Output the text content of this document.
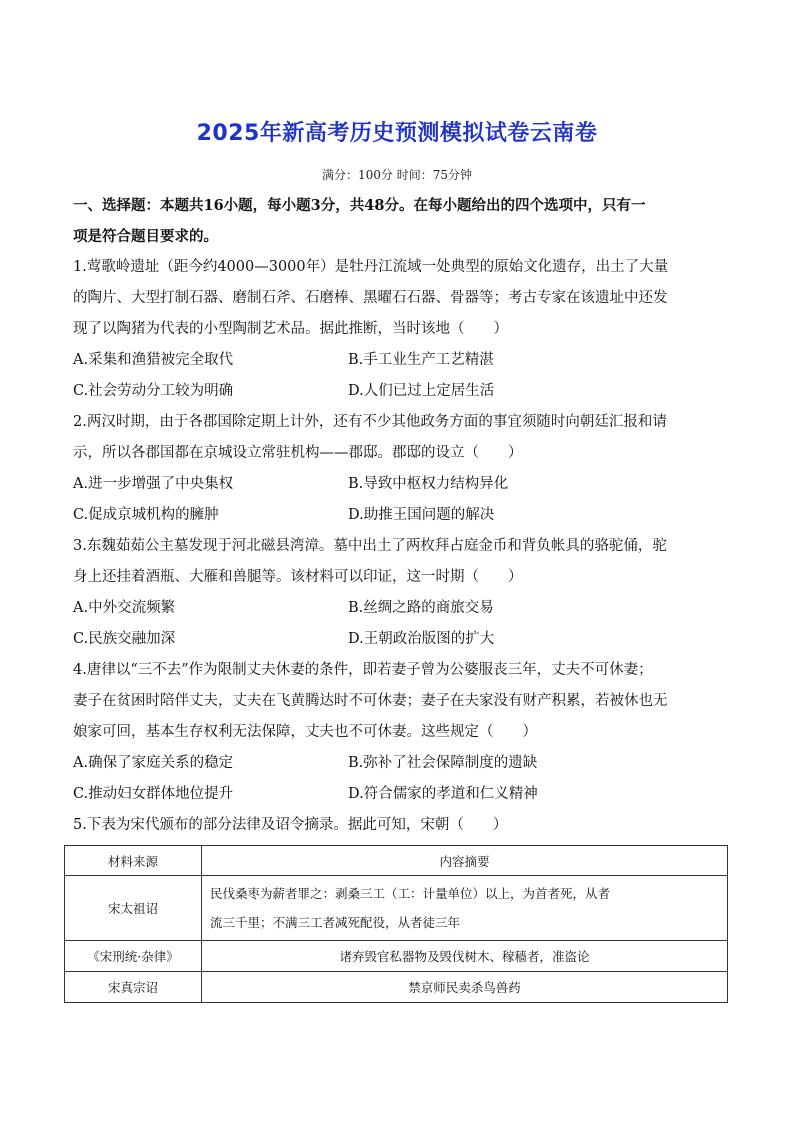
2025年新高考历史预测模拟试卷云南卷
满分：100分 时间：75分钟
一、选择题：本题共16小题，每小题3分，共48分。在每小题给出的四个选项中，只有一
项是符合题目要求的。
1.莺歌岭遗址（距今约4000—3000年）是牡丹江流域一处典型的原始文化遗存，出土了大量
的陶片、大型打制石器、磨制石斧、石磨棒、黑曜石石器、骨器等；考古专家在该遗址中还发
现了以陶猪为代表的小型陶制艺术品。据此推断，当时该地（　　）
A.采集和渔猎被完全取代	B.手工业生产工艺精湛
C.社会劳动分工较为明确	D.人们已过上定居生活
2.两汉时期，由于各郡国除定期上计外，还有不少其他政务方面的事宜须随时向朝廷汇报和请
示，所以各郡国都在京城设立常驻机构——郡邸。郡邸的设立（　　）
A.进一步增强了中央集权	B.导致中枢权力结构异化
C.促成京城机构的臃肿	D.助推王国问题的解决
3.东魏茹茹公主墓发现于河北磁县湾漳。墓中出土了两枚拜占庭金币和背负帐具的骆驼俑，驼
身上还挂着酒瓶、大雁和兽腿等。该材料可以印证，这一时期（　　）
A.中外交流频繁	B.丝绸之路的商旅交易
C.民族交融加深	D.王朝政治版图的扩大
4.唐律以“三不去”作为限制丈夫休妻的条件，即若妻子曾为公婆服丧三年，丈夫不可休妻；
妻子在贫困时陪伴丈夫，丈夫在飞黄腾达时不可休妻；妻子在夫家没有财产积累，若被休也无
娘家可回，基本生存权利无法保障，丈夫也不可休妻。这些规定（　　）
A.确保了家庭关系的稳定	B.弥补了社会保障制度的遗缺
C.推动妇女群体地位提升	D.符合儒家的孝道和仁义精神
5.下表为宋代颁布的部分法律及诏令摘录。据此可知，宋朝（　　）
材料来源	内容摘要
宋太祖诏	民伐桑枣为薪者罪之：剥桑三工（工：计量单位）以上，为首者死，从者
流三千里；不满三工者减死配役，从者徒三年

《宋刑统·杂律》	诸弃毁官私器物及毁伐树木、稼穑者，准盗论
宋真宗诏	禁京师民卖杀鸟兽药
